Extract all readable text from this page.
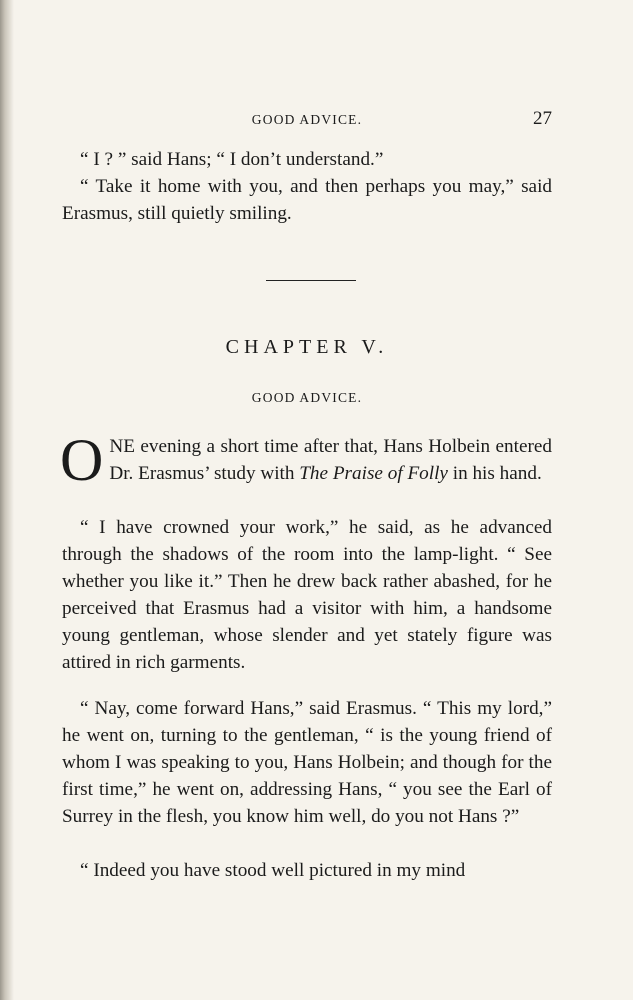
GOOD ADVICE.	27

“ I ? ” said Hans; “ I don’t understand.”

“ Take it home with you, and then perhaps you may,” said Erasmus, still quietly smiling.

CHAPTER V.
GOOD ADVICE.

ONE evening a short time after that, Hans Holbein entered Dr. Erasmus’ study with The Praise of Folly in his hand.

“ I have crowned your work,” he said, as he advanced through the shadows of the room into the lamp-light. “ See whether you like it.” Then he drew back rather abashed, for he perceived that Erasmus had a visitor with him, a handsome young gentleman, whose slender and yet stately figure was attired in rich garments.

“ Nay, come forward Hans,” said Erasmus. “ This my lord,” he went on, turning to the gentleman, “ is the young friend of whom I was speaking to you, Hans Holbein; and though for the first time,” he went on, addressing Hans, “ you see the Earl of Surrey in the flesh, you know him well, do you not Hans ?”

“ Indeed you have stood well pictured in my mind
